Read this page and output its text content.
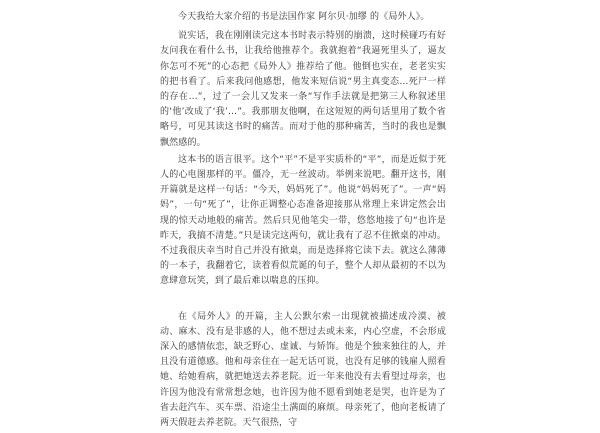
今天我给大家介绍的书是法国作家 阿尔贝·加缪 的《局外人》。

说实话，我在刚刚读完这本书时表示特别的崩溃，这时候碰巧有好友问我在看什么书，让我给他推荐个。我就抱着“我逼死里头了，逼友你怎可不死”的心态把《局外人》推荐给了他。他倒也实在，老老实实的把书看了。后来我问他感想，他发来短信说“男主真变态…死尸一样的存在…”，过了一会儿又发来一条“写作手法就是把第三人称叙述里的‘他’改成了‘我’…”。我那朋友他啊，在这短短的两句话里用了数个省略号，可见其读这书时的痛苦。而对于他的那种痛苦，当时的我也是飘飘然感的。

这本书的语言很平。这个“平”不是平实质朴的“平”，而是近似于死人的心电图那样的平。僵冷，无一丝波动。举例来说吧。翻开这书，刚开篇就是这样一句话：“今天，妈妈死了”。他说“妈妈死了”。一声“妈妈”，一句“死了”，让你正调整心态准备迎接那从常理上来讲定然会出现的惊天动地般的痛苦。然后只见他笔尖一带，悠悠地接了句“也许是昨天，我搞不清楚。”只是读完这两句，就让我有了忍不住掀桌的冲动。不过我很庆幸当时自己并没有掀桌，而是选择将它读下去。就这么薄薄的一本子，我翻着它，读着看似荒诞的句子，整个人却从最初的不以为意肆意玩笑，到了最后难以喘息的压抑。

在《局外人》的开篇，主人公默尔索一出现就被描述成冷漠、被动、麻木、没有是非感的人，他不想过去或未来，内心空虚，不会形成深入的感情依恋，缺乏野心、虚诚、与矫饰。他是个独来独往的人，并且没有道德感。他和母亲住在一起无话可说，也没有足够的钱雇人照看她、给她看病，就把她送去养老院。近一年来他没有去看望过母亲，也许因为他没有常常想念她，也许因为他不愿看到她老是哭，也许是为了省去赶汽车、买车票、沿途尘土满面的麻烦。母亲死了，他向老板请了两天假赶去养老院。天气很热，守
